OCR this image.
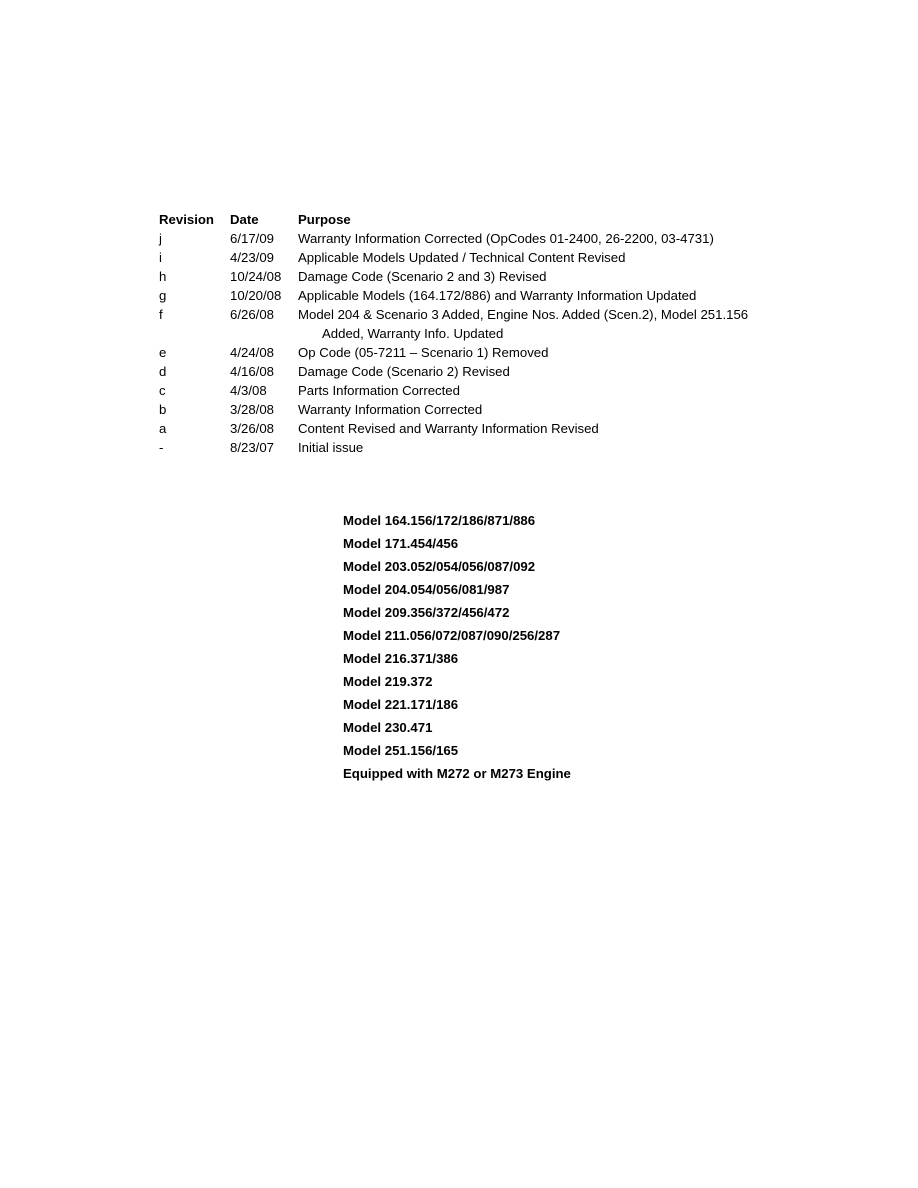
Revision	Date	Purpose
j	6/17/09	Warranty Information Corrected (OpCodes 01-2400, 26-2200, 03-4731)
i	4/23/09	Applicable Models Updated / Technical Content Revised
h	10/24/08	Damage Code (Scenario 2 and 3) Revised
g	10/20/08	Applicable Models (164.172/886) and Warranty Information Updated
f	6/26/08	Model 204 & Scenario 3 Added, Engine Nos. Added (Scen.2), Model 251.156
Added, Warranty Info. Updated
e	4/24/08	Op Code (05-7211 – Scenario 1) Removed
d	4/16/08	Damage Code (Scenario 2) Revised
c	4/3/08	Parts Information Corrected
b	3/28/08	Warranty Information Corrected
a	3/26/08	Content Revised and Warranty Information Revised
-	8/23/07	Initial issue
Model 164.156/172/186/871/886
Model 171.454/456
Model 203.052/054/056/087/092
Model 204.054/056/081/987
Model 209.356/372/456/472
Model 211.056/072/087/090/256/287
Model 216.371/386
Model 219.372
Model 221.171/186
Model 230.471
Model 251.156/165
Equipped with M272 or M273 Engine
